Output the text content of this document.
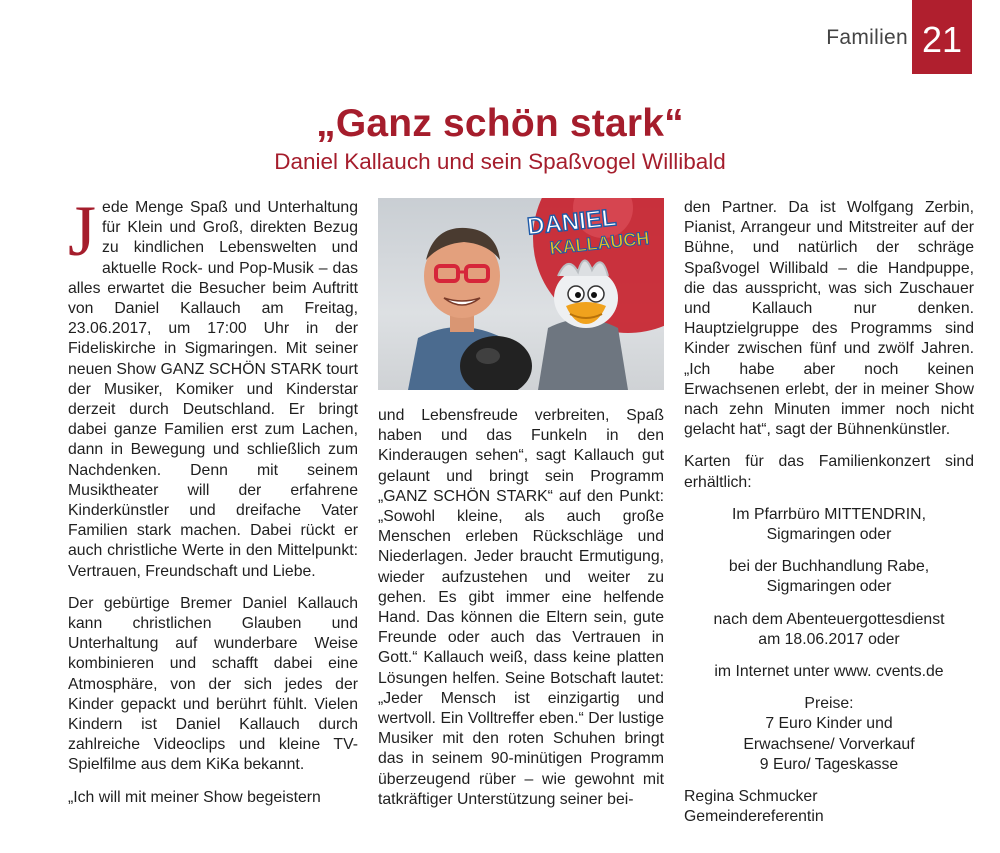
Familien 21
„Ganz schön stark“
Daniel Kallauch und sein Spaßvogel Willibald

Jede Menge Spaß und Unterhaltung für Klein und Groß, direkten Bezug zu kindlichen Lebenswelten und aktuelle Rock- und Pop-Musik – das alles erwartet die Besucher beim Auftritt von Daniel Kallauch am Freitag, 23.06.2017, um 17:00 Uhr in der Fideliskirche in Sigmaringen. Mit seiner neuen Show GANZ SCHÖN STARK tourt der Musiker, Komiker und Kinderstar derzeit durch Deutschland. Er bringt dabei ganze Familien erst zum Lachen, dann in Bewegung und schließlich zum Nachdenken. Denn mit seinem Musiktheater will der erfahrene Kinderkünstler und dreifache Vater Familien stark machen. Dabei rückt er auch christliche Werte in den Mittelpunkt: Vertrauen, Freundschaft und Liebe.

Der gebürtige Bremer Daniel Kallauch kann christlichen Glauben und Unterhaltung auf wunderbare Weise kombinieren und schafft dabei eine Atmosphäre, von der sich jedes der Kinder gepackt und berührt fühlt. Vielen Kindern ist Daniel Kallauch durch zahlreiche Videoclips und kleine TV-Spielfilme aus dem KiKa bekannt.

„Ich will mit meiner Show begeistern

DANIEL
KALLAUCH

und Lebensfreude verbreiten, Spaß haben und das Funkeln in den Kinderaugen sehen“, sagt Kallauch gut gelaunt und bringt sein Programm „GANZ SCHÖN STARK“ auf den Punkt: „Sowohl kleine, als auch große Menschen erleben Rückschläge und Niederlagen. Jeder braucht Ermutigung, wieder aufzustehen und weiter zu gehen. Es gibt immer eine helfende Hand. Das können die Eltern sein, gute Freunde oder auch das Vertrauen in Gott.“ Kallauch weiß, dass keine platten Lösungen helfen. Seine Botschaft lautet: „Jeder Mensch ist einzigartig und wertvoll. Ein Volltreffer eben.“ Der lustige Musiker mit den roten Schuhen bringt das in seinem 90-minütigen Programm überzeugend rüber – wie gewohnt mit tatkräftiger Unterstützung seiner bei-

den Partner. Da ist Wolfgang Zerbin, Pianist, Arrangeur und Mitstreiter auf der Bühne, und natürlich der schräge Spaßvogel Willibald – die Handpuppe, die das ausspricht, was sich Zuschauer und Kallauch nur denken. Hauptzielgruppe des Programms sind Kinder zwischen fünf und zwölf Jahren. „Ich habe aber noch keinen Erwachsenen erlebt, der in meiner Show nach zehn Minuten immer noch nicht gelacht hat“, sagt der Bühnenkünstler.

Karten für das Familienkonzert sind erhältlich:

Im Pfarrbüro MITTENDRIN,
Sigmaringen oder

bei der Buchhandlung Rabe,
Sigmaringen oder

nach dem Abenteuergottesdienst
am 18.06.2017 oder

im Internet unter www. cvents.de

Preise:
7 Euro Kinder und
Erwachsene/ Vorverkauf
9 Euro/ Tageskasse

Regina Schmucker
Gemeindereferentin
